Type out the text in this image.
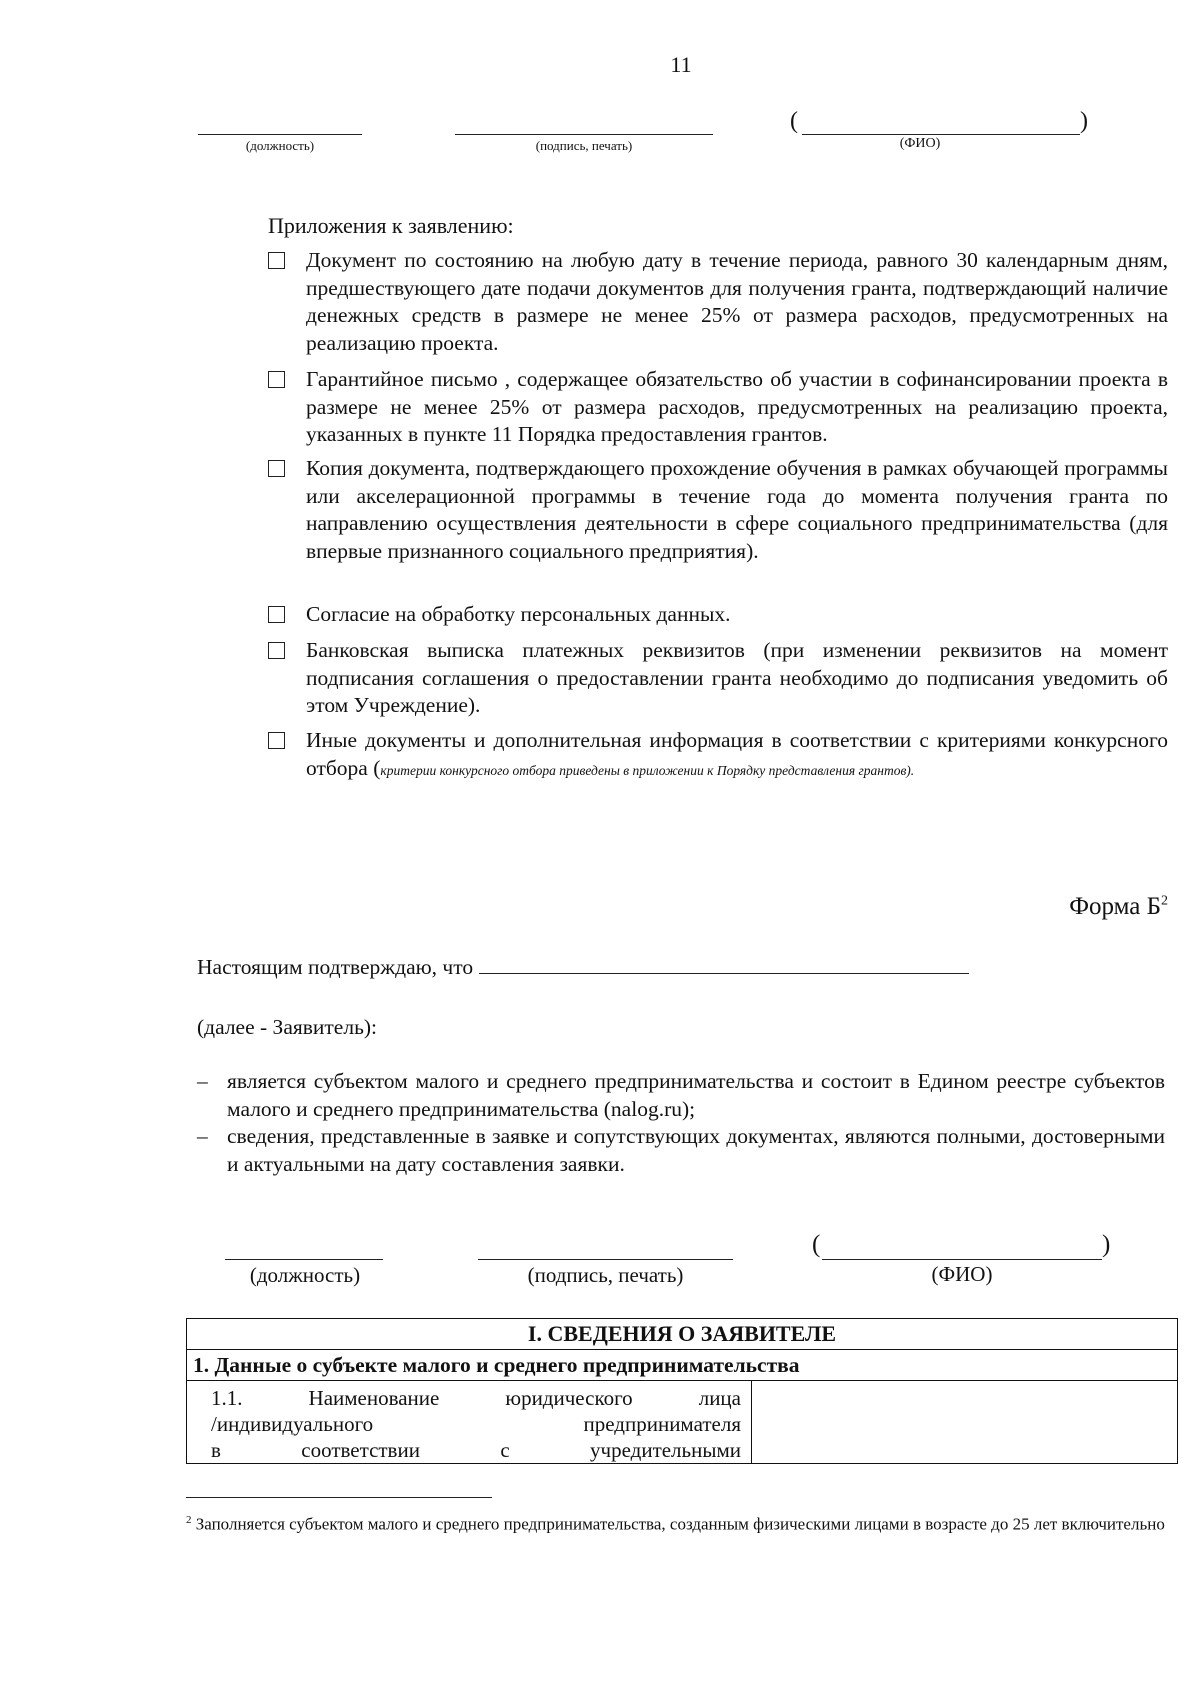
11
(должность)	(подпись, печать)
(	)
(ФИО)
Приложения к заявлению:
Документ по состоянию на любую дату в течение периода, равного 30 календарным дням, предшествующего дате подачи документов для получения гранта, подтверждающий наличие денежных средств в размере не менее 25% от размера расходов, предусмотренных на реализацию проекта.
Гарантийное письмо , содержащее обязательство об участии в софинансировании проекта в размере не менее 25% от размера расходов, предусмотренных на реализацию проекта, указанных в пункте 11 Порядка предоставления грантов.
Копия документа, подтверждающего прохождение обучения в рамках обучающей программы или акселерационной программы в течение года до момента получения гранта по направлению осуществления деятельности в сфере социального предпринимательства (для впервые признанного социального предприятия).
Согласие на обработку персональных данных.
Банковская выписка платежных реквизитов (при изменении реквизитов на момент подписания соглашения о предоставлении гранта необходимо до подписания уведомить об этом Учреждение).
Иные документы и дополнительная информация в соответствии с критериями конкурсного отбора (критерии конкурсного отбора приведены в приложении к Порядку представления грантов).
Форма $Б^2$
Настоящим подтверждаю, что
(далее - Заявитель):
– является субъектом малого и среднего предпринимательства и состоит в Едином реестре субъектов малого и среднего предпринимательства (nalog.ru);
– сведения, представленные в заявке и сопутствующих документах, являются полными, достоверными и актуальными на дату составления заявки.
(должность)	(подпись, печать)
(	)
(ФИО)
I. СВЕДЕНИЯ О ЗАЯВИТЕЛЕ
1. Данные о субъекте малого и среднего предпринимательства

1.1. Наименование юридического лица
/индивидуального предпринимателя
в соответствии с учредительными

$^2$ Заполняется субъектом малого и среднего предпринимательства, созданным физическими лицами в возрасте до 25 лет включительно
